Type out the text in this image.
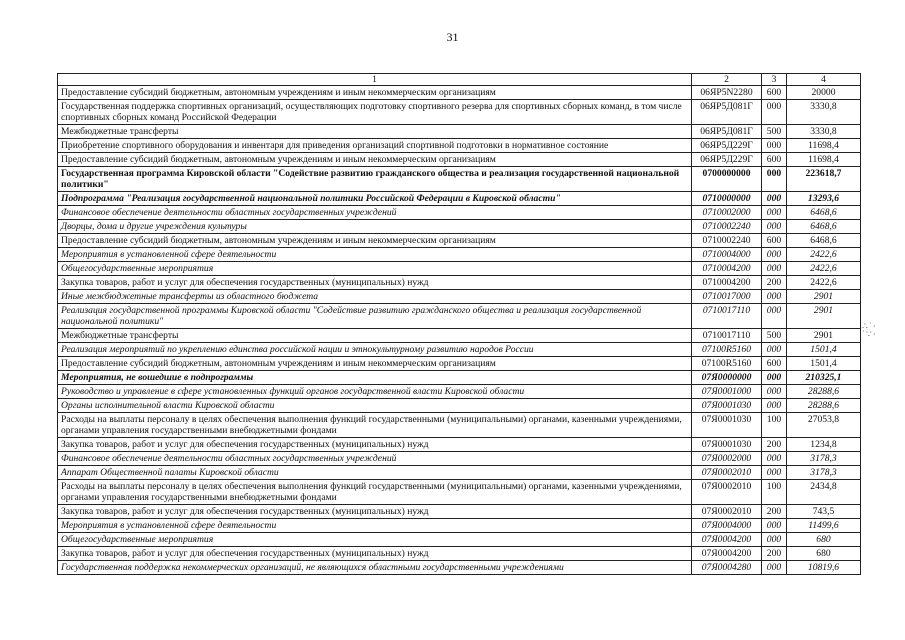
31
1	2	3	4
Предоставление субсидий бюджетным, автономным учреждениям и иным некоммерческим организациям	06ЯР5N2280	600	20000
Государственная поддержка спортивных организаций, осуществляющих подготовку спортивного резерва для спортивных сборных команд, в том числе спортивных сборных команд Российской Федерации	06ЯР5Д081Г	000	3330,8
Межбюджетные трансферты	06ЯР5Д081Г	500	3330,8
Приобретение спортивного оборудования и инвентаря для приведения организаций спортивной подготовки в нормативное состояние	06ЯР5Д229Г	000	11698,4
Предоставление субсидий бюджетным, автономным учреждениям и иным некоммерческим организациям	06ЯР5Д229Г	600	11698,4
Государственная программа Кировской области "Содействие развитию гражданского общества и реализация государственной национальной политики"	0700000000	000	223618,7
Подпрограмма "Реализация государственной национальной политики Российской Федерации в Кировской области"	0710000000	000	13293,6
Финансовое обеспечение деятельности областных государственных учреждений	0710002000	000	6468,6
Дворцы, дома и другие учреждения культуры	0710002240	000	6468,6
Предоставление субсидий бюджетным, автономным учреждениям и иным некоммерческим организациям	0710002240	600	6468,6
Мероприятия в установленной сфере деятельности	0710004000	000	2422,6
Общегосударственные мероприятия	0710004200	000	2422,6
Закупка товаров, работ и услуг для обеспечения государственных (муниципальных) нужд	0710004200	200	2422,6
Иные межбюджетные трансферты из областного бюджета	0710017000	000	2901
Реализация государственной программы Кировской области "Содействие развитию гражданского общества и реализация государственной национальной политики"	0710017110	000	2901
Межбюджетные трансферты	0710017110	500	2901
Реализация мероприятий по укреплению единства российской нации и этнокультурному развитию народов России	07100R5160	000	1501,4
Предоставление субсидий бюджетным, автономным учреждениям и иным некоммерческим организациям	07100R5160	600	1501,4
Мероприятия, не вошедшие в подпрограммы	07Я0000000	000	210325,1
Руководство и управление в сфере установленных функций органов государственной власти Кировской области	07Я0001000	000	28288,6
Органы исполнительной власти Кировской области	07Я0001030	000	28288,6
Расходы на выплаты персоналу в целях обеспечения выполнения функций государственными (муниципальными) органами, казенными учреждениями, органами управления государственными внебюджетными фондами	07Я0001030	100	27053,8
Закупка товаров, работ и услуг для обеспечения государственных (муниципальных) нужд	07Я0001030	200	1234,8
Финансовое обеспечение деятельности областных государственных учреждений	07Я0002000	000	3178,3
Аппарат Общественной палаты Кировской области	07Я0002010	000	3178,3
Расходы на выплаты персоналу в целях обеспечения выполнения функций государственными (муниципальными) органами, казенными учреждениями, органами управления государственными внебюджетными фондами	07Я0002010	100	2434,8
Закупка товаров, работ и услуг для обеспечения государственных (муниципальных) нужд	07Я0002010	200	743,5
Мероприятия в установленной сфере деятельности	07Я0004000	000	11499,6
Общегосударственные мероприятия	07Я0004200	000	680
Закупка товаров, работ и услуг для обеспечения государственных (муниципальных) нужд	07Я0004200	200	680
Государственная поддержка некоммерческих организаций, не являющихся областными государственными учреждениями	07Я0004280	000	10819,6
∴˙·
˙∵·
